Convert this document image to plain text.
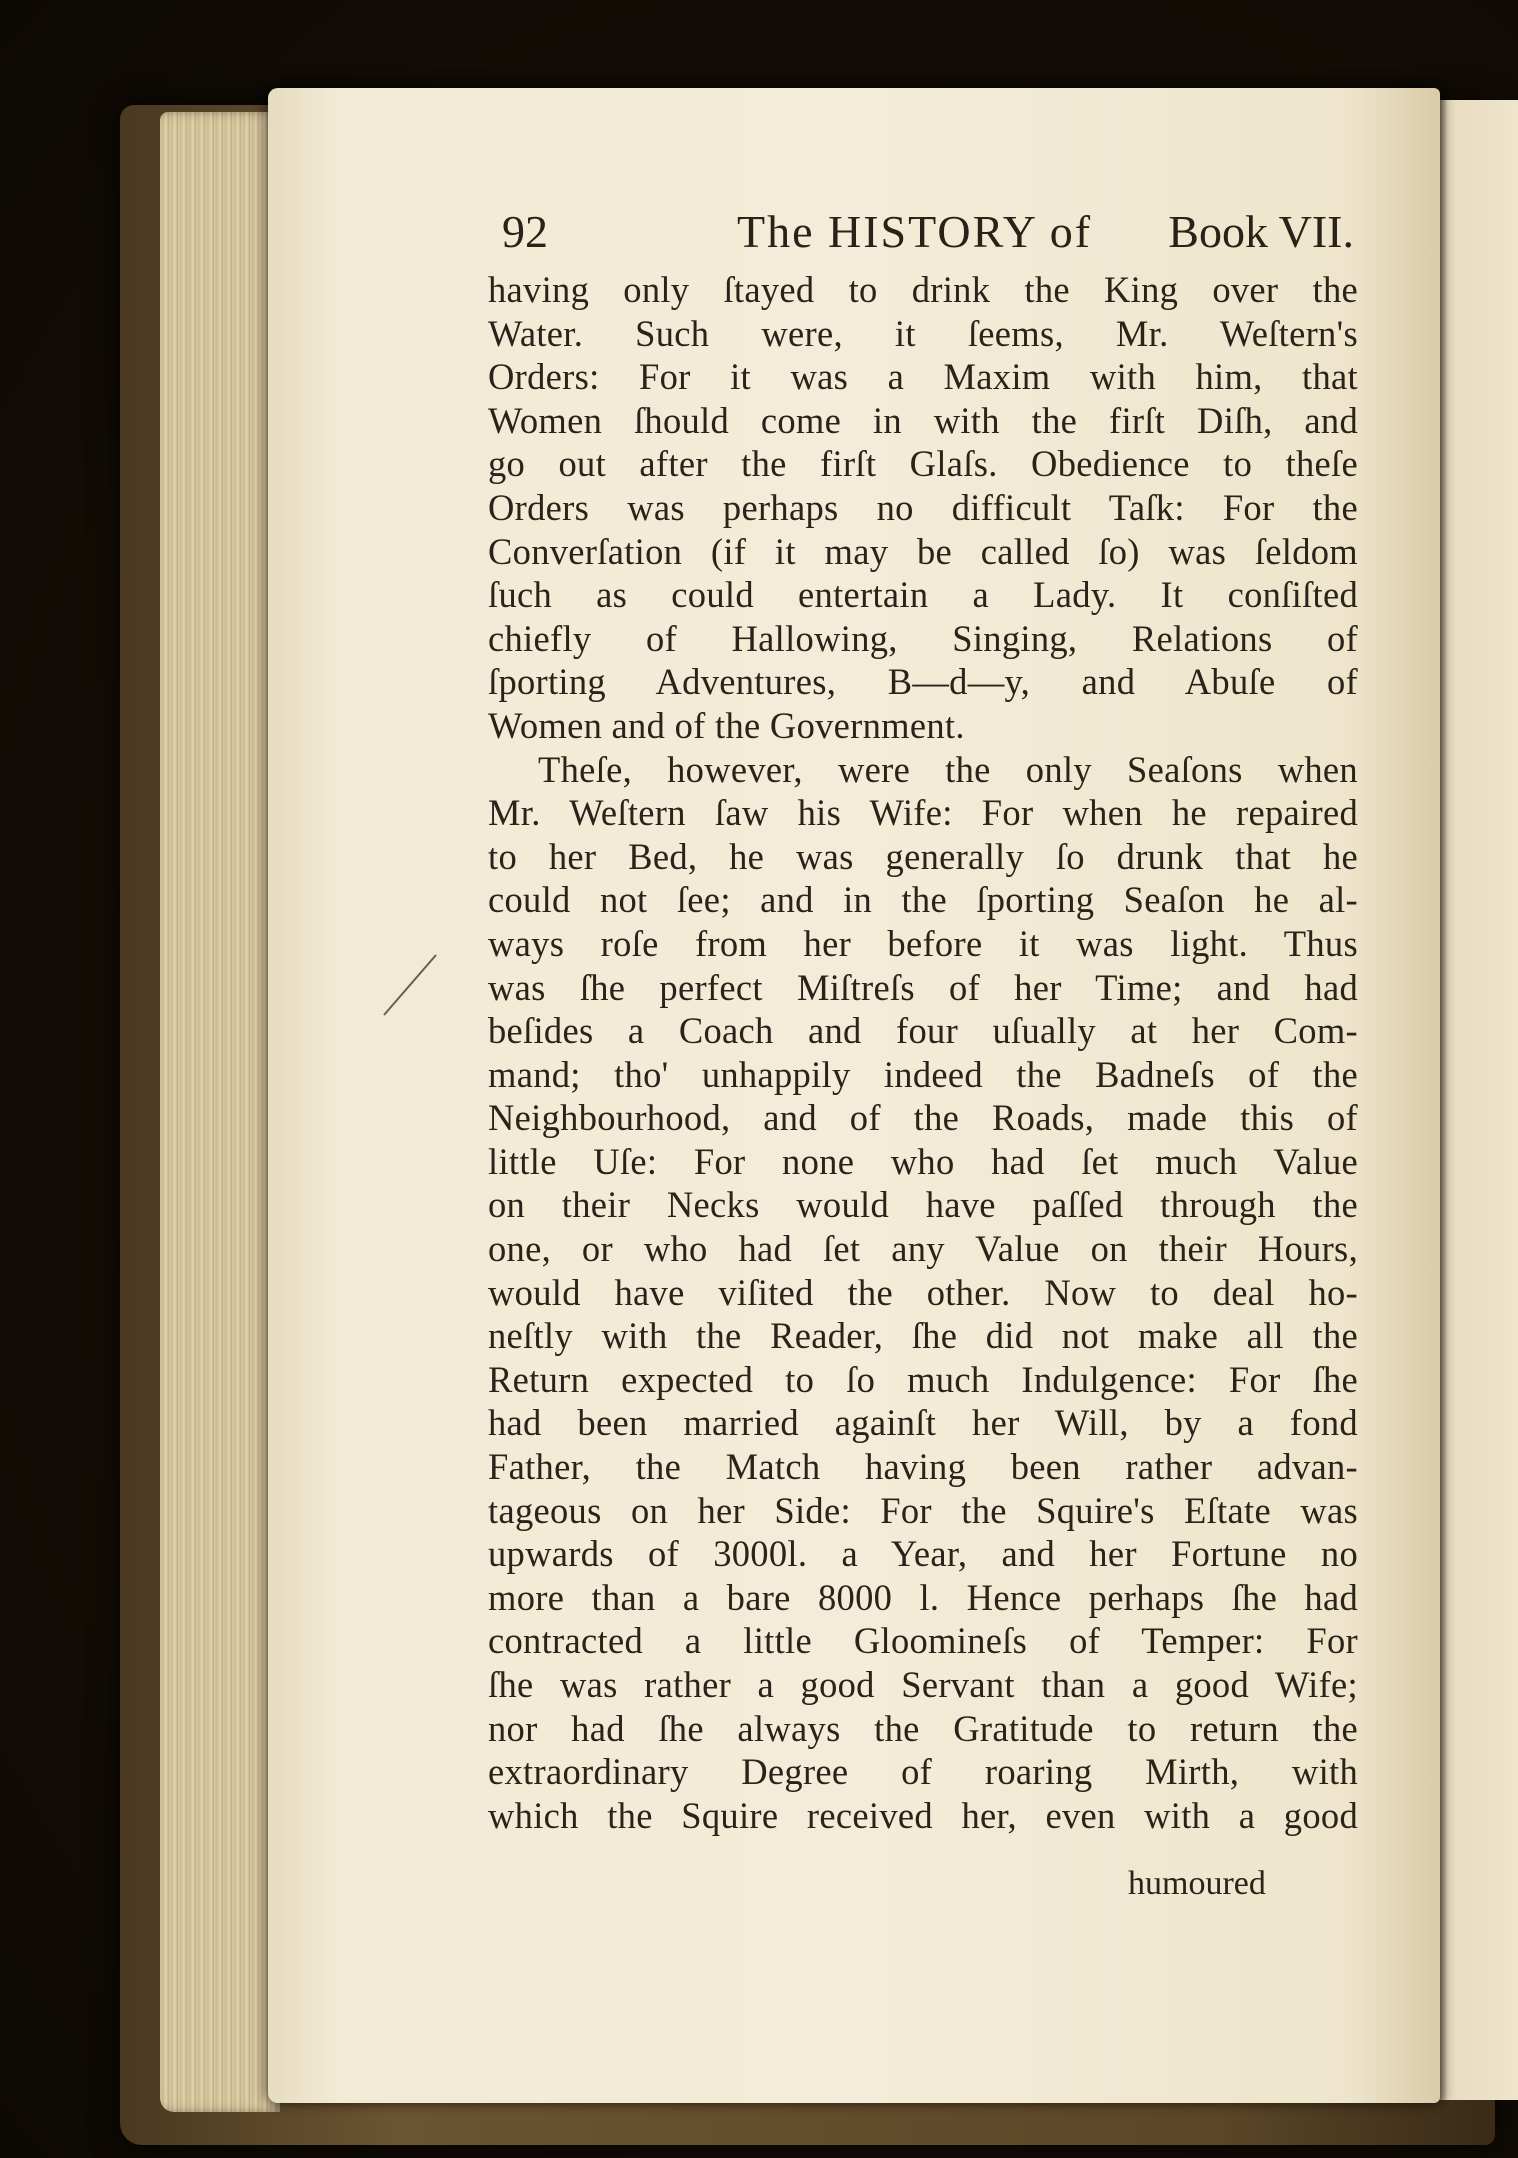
92	The HISTORY of Book VII.
having only ſtayed to drink the King over the
Water. Such were, it ſeems, Mr. Weſtern's
Orders: For it was a Maxim with him, that
Women ſhould come in with the firſt Diſh, and
go out after the firſt Glaſs. Obedience to theſe
Orders was perhaps no difficult Taſk: For the
Converſation (if it may be called ſo) was ſeldom
ſuch as could entertain a Lady. It conſiſted
chiefly of Hallowing, Singing, Relations of
ſporting Adventures, B—d—y, and Abuſe of
Women and of the Government.
Theſe, however, were the only Seaſons when
Mr. Weſtern ſaw his Wife: For when he repaired
to her Bed, he was generally ſo drunk that he
could not ſee; and in the ſporting Seaſon he al-
ways roſe from her before it was light. Thus
was ſhe perfect Miſtreſs of her Time; and had
beſides a Coach and four uſually at her Com-
mand; tho' unhappily indeed the Badneſs of the
Neighbourhood, and of the Roads, made this of
little Uſe: For none who had ſet much Value
on their Necks would have paſſed through the
one, or who had ſet any Value on their Hours,
would have viſited the other. Now to deal ho-
neſtly with the Reader, ſhe did not make all the
Return expected to ſo much Indulgence: For ſhe
had been married againſt her Will, by a fond
Father, the Match having been rather advan-
tageous on her Side: For the Squire's Eſtate was
upwards of 3000l. a Year, and her Fortune no
more than a bare 8000 l. Hence perhaps ſhe had
contracted a little Gloomineſs of Temper: For
ſhe was rather a good Servant than a good Wife;
nor had ſhe always the Gratitude to return the
extraordinary Degree of roaring Mirth, with
which the Squire received her, even with a good
humoured
